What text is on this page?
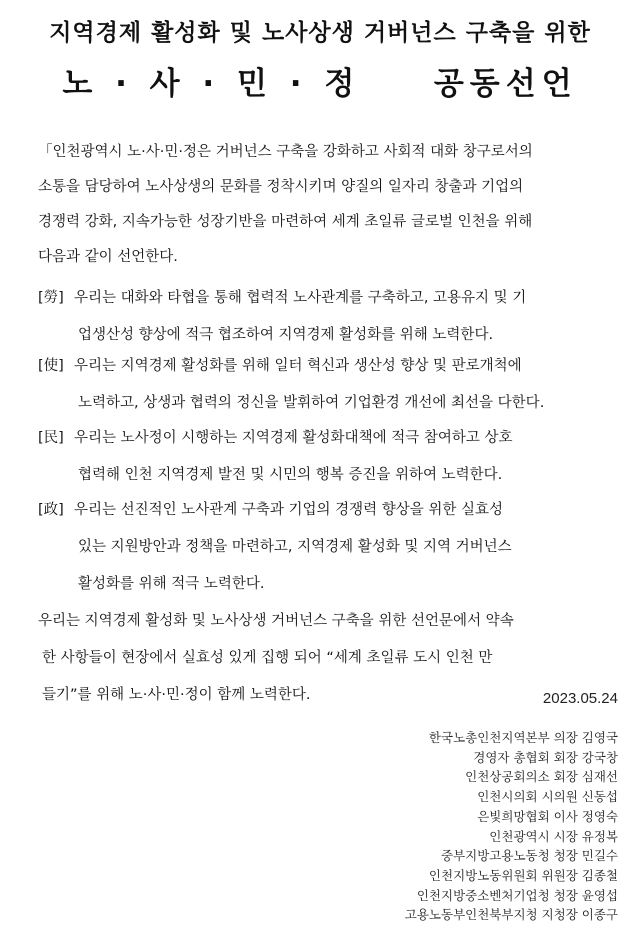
지역경제 활성화 및 노사상생 거버넌스 구축을 위한
노 · 사 · 민 · 정 공동선언
「인천광역시 노·사·민·정은 거버넌스 구축을 강화하고 사회적 대화 창구로서의
소통을 담당하여 노사상생의 문화를 정착시키며 양질의 일자리 창출과 기업의
경쟁력 강화, 지속가능한 성장기반을 마련하여 세계 초일류 글로벌 인천을 위해
다음과 같이 선언한다.
[勞] 우리는 대화와 타협을 통해 협력적 노사관계를 구축하고, 고용유지 및 기
업생산성 향상에 적극 협조하여 지역경제 활성화를 위해 노력한다.
[使] 우리는 지역경제 활성화를 위해 일터 혁신과 생산성 향상 및 판로개척에
노력하고, 상생과 협력의 정신을 발휘하여 기업환경 개선에 최선을 다한다.
[民] 우리는 노사정이 시행하는 지역경제 활성화대책에 적극 참여하고 상호
협력해 인천 지역경제 발전 및 시민의 행복 증진을 위하여 노력한다.
[政] 우리는 선진적인 노사관계 구축과 기업의 경쟁력 향상을 위한 실효성
있는 지원방안과 정책을 마련하고, 지역경제 활성화 및 지역 거버넌스
활성화를 위해 적극 노력한다.
우리는 지역경제 활성화 및 노사상생 거버넌스 구축을 위한 선언문에서 약속
한 사항들이 현장에서 실효성 있게 집행 되어 “세계 초일류 도시 인천 만
들기”를 위해 노·사·민·정이 함께 노력한다.	2023.05.24
한국노총인천지역본부 의장 김영국
경영자 총협회 회장 강국창
인천상공회의소 회장 심재선
인천시의회 시의원 신동섭
은빛희망협회 이사 정영숙
인천광역시 시장 유정복
중부지방고용노동청 청장 민길수
인천지방노동위원회 위원장 김종철
인천지방중소벤처기업청 청장 윤영섭
고용노동부인천북부지청 지청장 이종구
